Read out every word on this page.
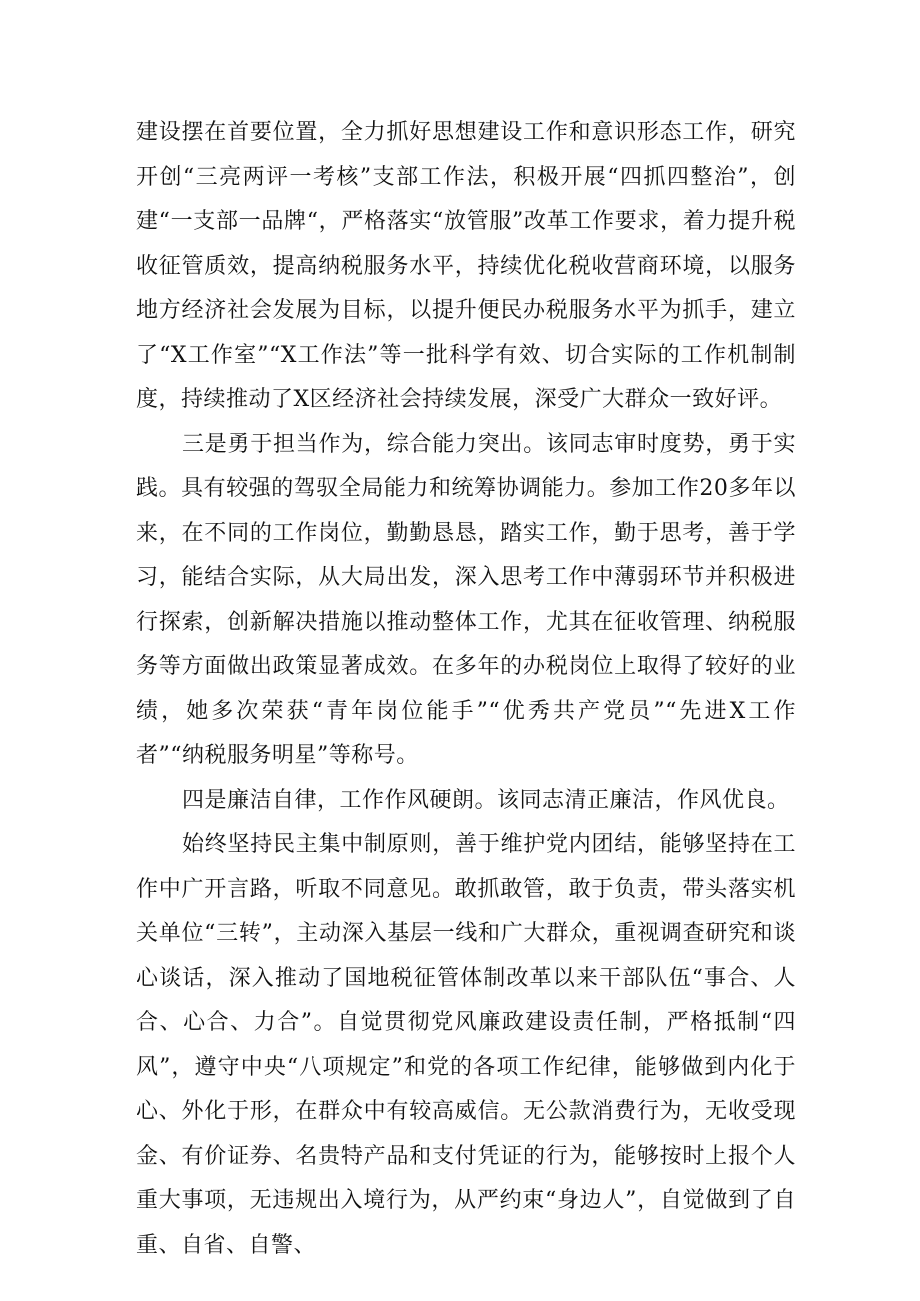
建设摆在首要位置，全力抓好思想建设工作和意识形态工作，研究开创“三亮两评一考核”支部工作法，积极开展“四抓四整治”，创建“一支部一品牌“，严格落实“放管服”改革工作要求，着力提升税收征管质效，提高纳税服务水平，持续优化税收营商环境，以服务地方经济社会发展为目标，以提升便民办税服务水平为抓手，建立了“X工作室”“X工作法”等一批科学有效、切合实际的工作机制制度，持续推动了X区经济社会持续发展，深受广大群众一致好评。

三是勇于担当作为，综合能力突出。该同志审时度势，勇于实践。具有较强的驾驭全局能力和统筹协调能力。参加工作20多年以来，在不同的工作岗位，勤勤恳恳，踏实工作，勤于思考，善于学习，能结合实际，从大局出发，深入思考工作中薄弱环节并积极进行探索，创新解决措施以推动整体工作，尤其在征收管理、纳税服务等方面做出政策显著成效。在多年的办税岗位上取得了较好的业绩，她多次荣获“青年岗位能手”“优秀共产党员”“先进X工作者”“纳税服务明星”等称号。

四是廉洁自律，工作作风硬朗。该同志清正廉洁，作风优良。

始终坚持民主集中制原则，善于维护党内团结，能够坚持在工作中广开言路，听取不同意见。敢抓敢管，敢于负责，带头落实机关单位“三转”，主动深入基层一线和广大群众，重视调查研究和谈心谈话，深入推动了国地税征管体制改革以来干部队伍“事合、人合、心合、力合”。自觉贯彻党风廉政建设责任制，严格抵制“四风”，遵守中央“八项规定”和党的各项工作纪律，能够做到内化于心、外化于形，在群众中有较高威信。无公款消费行为，无收受现金、有价证券、名贵特产品和支付凭证的行为，能够按时上报个人重大事项，无违规出入境行为，从严约束“身边人”，自觉做到了自重、自省、自警、
